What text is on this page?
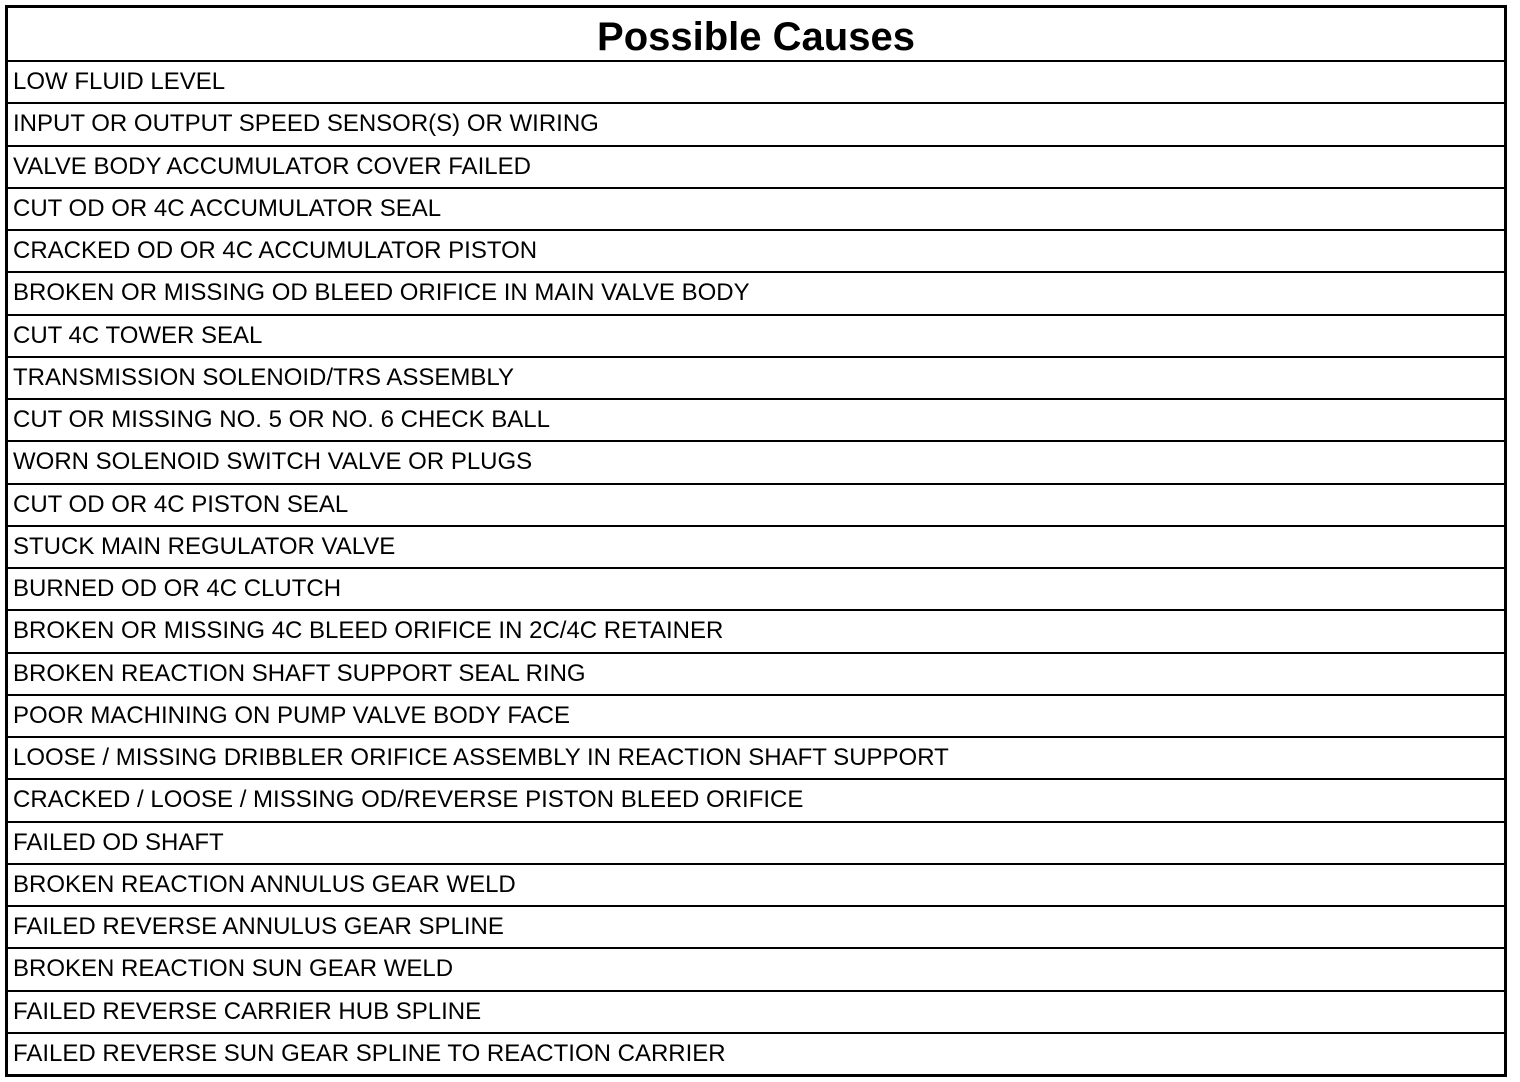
Possible Causes
LOW FLUID LEVEL
INPUT OR OUTPUT SPEED SENSOR(S) OR WIRING
VALVE BODY ACCUMULATOR COVER FAILED
CUT OD OR 4C ACCUMULATOR SEAL
CRACKED OD OR 4C ACCUMULATOR PISTON
BROKEN OR MISSING OD BLEED ORIFICE IN MAIN VALVE BODY
CUT 4C TOWER SEAL
TRANSMISSION SOLENOID/TRS ASSEMBLY
CUT OR MISSING NO. 5 OR NO. 6 CHECK BALL
WORN SOLENOID SWITCH VALVE OR PLUGS
CUT OD OR 4C PISTON SEAL
STUCK MAIN REGULATOR VALVE
BURNED OD OR 4C CLUTCH
BROKEN OR MISSING 4C BLEED ORIFICE IN 2C/4C RETAINER
BROKEN REACTION SHAFT SUPPORT SEAL RING
POOR MACHINING ON PUMP VALVE BODY FACE
LOOSE / MISSING DRIBBLER ORIFICE ASSEMBLY IN REACTION SHAFT SUPPORT
CRACKED / LOOSE / MISSING OD/REVERSE PISTON BLEED ORIFICE
FAILED OD SHAFT
BROKEN REACTION ANNULUS GEAR WELD
FAILED REVERSE ANNULUS GEAR SPLINE
BROKEN REACTION SUN GEAR WELD
FAILED REVERSE CARRIER HUB SPLINE
FAILED REVERSE SUN GEAR SPLINE TO REACTION CARRIER
